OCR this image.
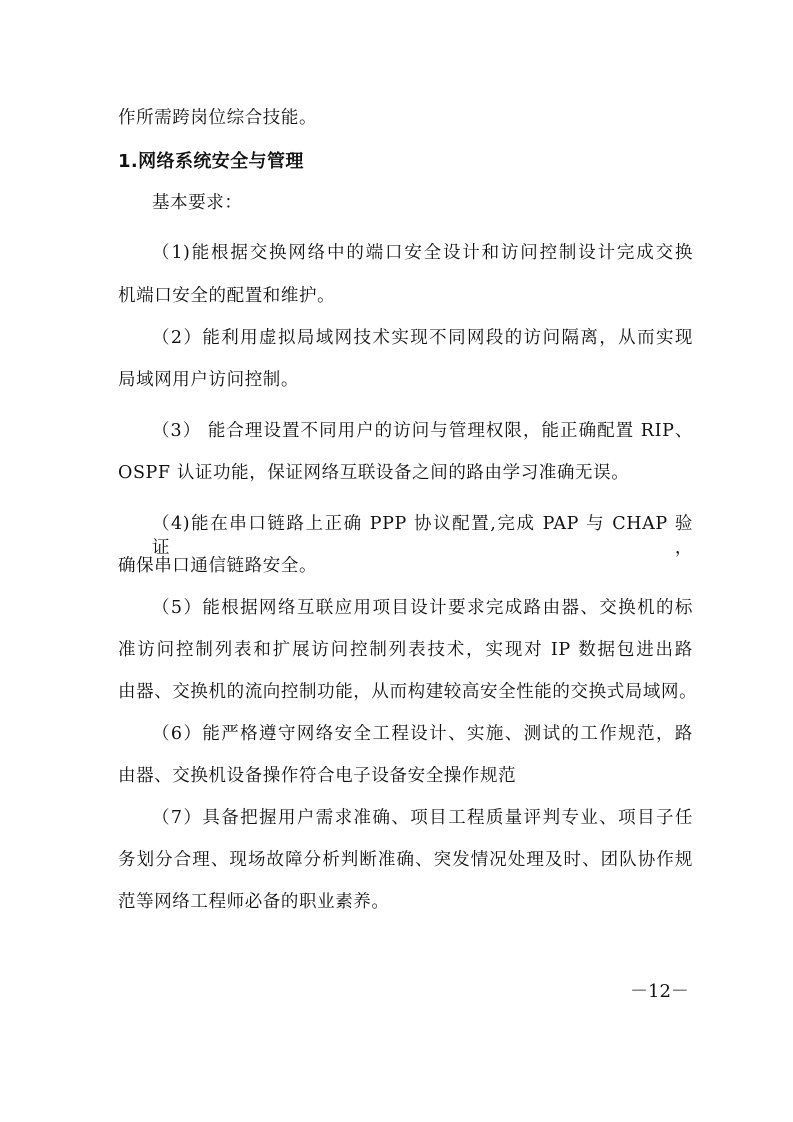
作所需跨岗位综合技能。
1.网络系统安全与管理
基本要求：
（1)能根据交换网络中的端口安全设计和访问控制设计完成交换
机端口安全的配置和维护。
（2）能利用虚拟局域网技术实现不同网段的访问隔离，从而实现
局域网用户访问控制。
（3） 能合理设置不同用户的访问与管理权限，能正确配置 RIP、
OSPF 认证功能，保证网络互联设备之间的路由学习准确无误。
（4)能在串口链路上正确 PPP 协议配置,完成 PAP 与 CHAP 验证，
确保串口通信链路安全。
（5）能根据网络互联应用项目设计要求完成路由器、交换机的标
准访问控制列表和扩展访问控制列表技术，实现对 IP 数据包进出路
由器、交换机的流向控制功能，从而构建较高安全性能的交换式局域网。
（6）能严格遵守网络安全工程设计、实施、测试的工作规范，路
由器、交换机设备操作符合电子设备安全操作规范
（7）具备把握用户需求准确、项目工程质量评判专业、项目子任
务划分合理、现场故障分析判断准确、突发情况处理及时、团队协作规
范等网络工程师必备的职业素养。
－12－
